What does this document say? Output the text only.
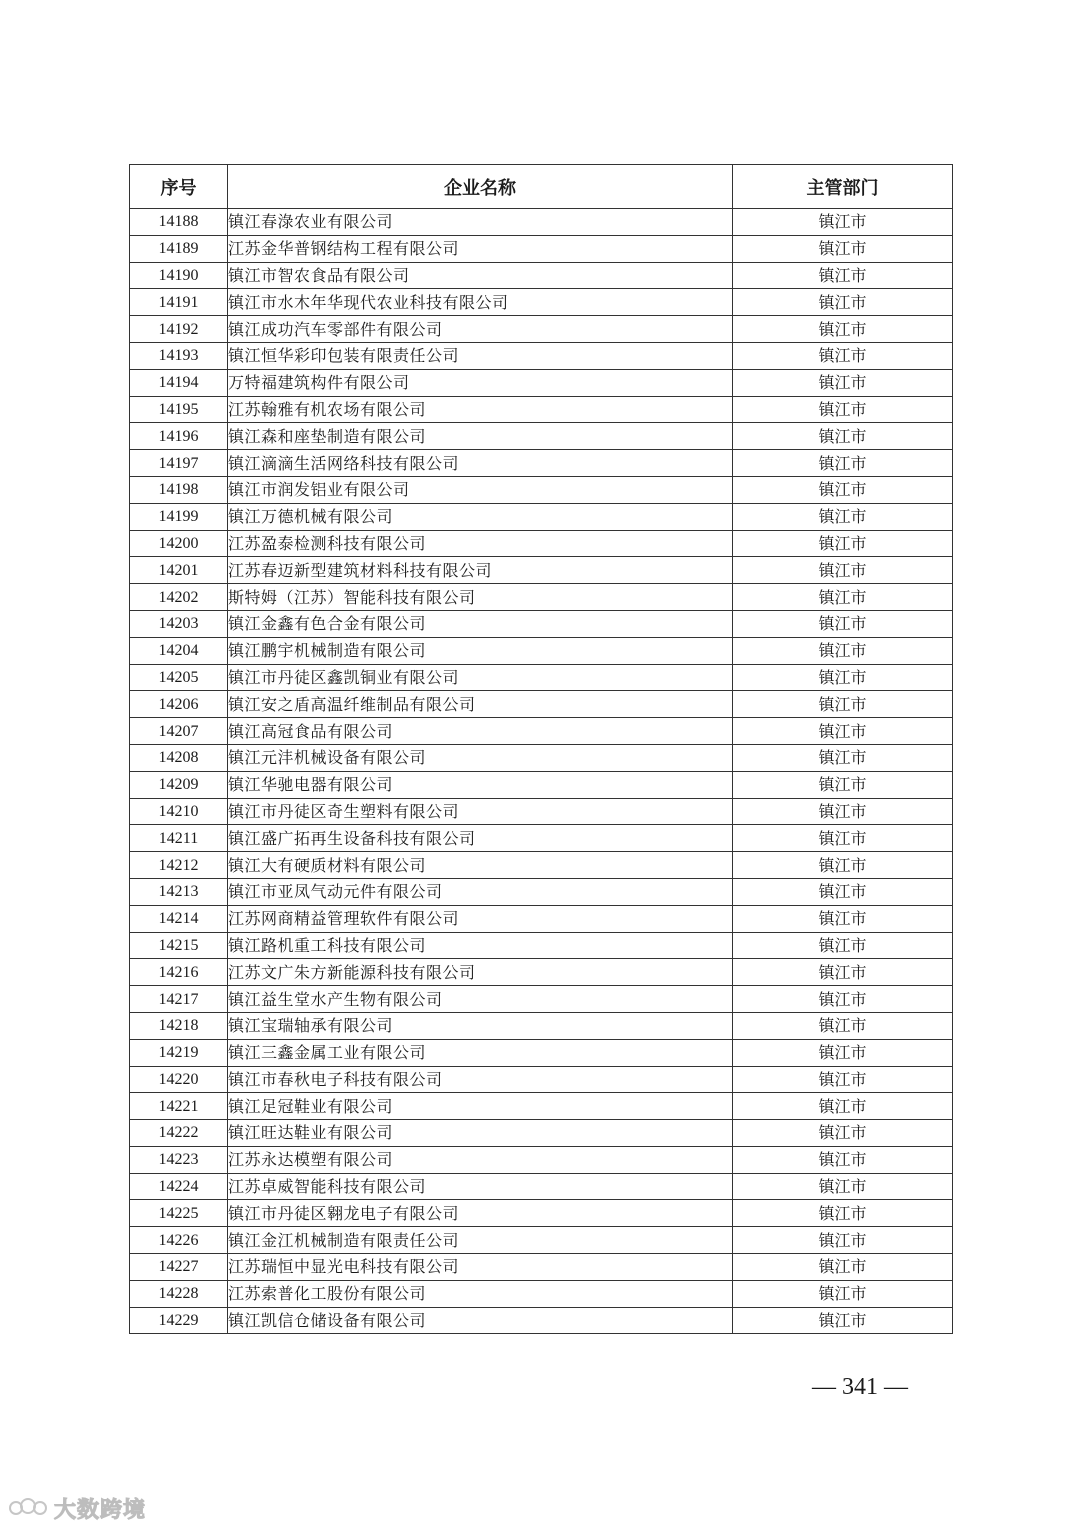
序号	企业名称	主管部门
14188	镇江春淥农业有限公司	镇江市
14189	江苏金华普钢结构工程有限公司	镇江市
14190	镇江市智农食品有限公司	镇江市
14191	镇江市水木年华现代农业科技有限公司	镇江市
14192	镇江成功汽车零部件有限公司	镇江市
14193	镇江恒华彩印包装有限责任公司	镇江市
14194	万特福建筑构件有限公司	镇江市
14195	江苏翰雅有机农场有限公司	镇江市
14196	镇江森和座垫制造有限公司	镇江市
14197	镇江滴滴生活网络科技有限公司	镇江市
14198	镇江市润发铝业有限公司	镇江市
14199	镇江万德机械有限公司	镇江市
14200	江苏盈泰检测科技有限公司	镇江市
14201	江苏春迈新型建筑材料科技有限公司	镇江市
14202	斯特姆（江苏）智能科技有限公司	镇江市
14203	镇江金鑫有色合金有限公司	镇江市
14204	镇江鹏宇机械制造有限公司	镇江市
14205	镇江市丹徒区鑫凯铜业有限公司	镇江市
14206	镇江安之盾高温纤维制品有限公司	镇江市
14207	镇江高冠食品有限公司	镇江市
14208	镇江元沣机械设备有限公司	镇江市
14209	镇江华驰电器有限公司	镇江市
14210	镇江市丹徒区奇生塑料有限公司	镇江市
14211	镇江盛广拓再生设备科技有限公司	镇江市
14212	镇江大有硬质材料有限公司	镇江市
14213	镇江市亚凤气动元件有限公司	镇江市
14214	江苏网商精益管理软件有限公司	镇江市
14215	镇江路机重工科技有限公司	镇江市
14216	江苏文广朱方新能源科技有限公司	镇江市
14217	镇江益生堂水产生物有限公司	镇江市
14218	镇江宝瑞轴承有限公司	镇江市
14219	镇江三鑫金属工业有限公司	镇江市
14220	镇江市春秋电子科技有限公司	镇江市
14221	镇江足冠鞋业有限公司	镇江市
14222	镇江旺达鞋业有限公司	镇江市
14223	江苏永达模塑有限公司	镇江市
14224	江苏卓威智能科技有限公司	镇江市
14225	镇江市丹徒区翱龙电子有限公司	镇江市
14226	镇江金江机械制造有限责任公司	镇江市
14227	江苏瑞恒中显光电科技有限公司	镇江市
14228	江苏索普化工股份有限公司	镇江市
14229	镇江凯信仓储设备有限公司	镇江市
— 341 —
大数跨境
